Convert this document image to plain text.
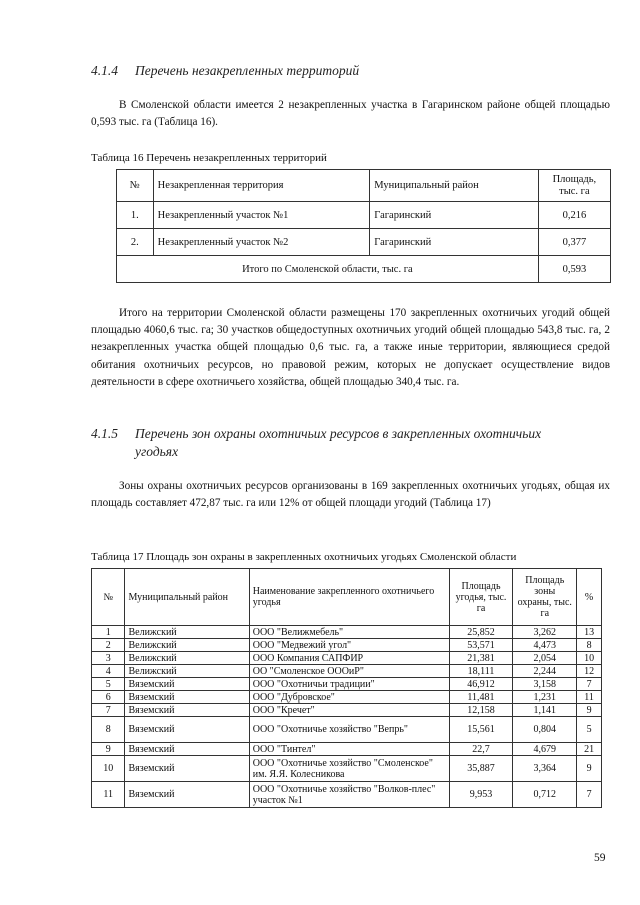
4.1.4 Перечень незакрепленных территорий
В Смоленской области имеется 2 незакрепленных участка в Гагаринском районе общей площадью 0,593 тыс. га (Таблица 16).
Таблица 16 Перечень незакрепленных территорий
№	Незакрепленная территория	Муниципальный район	Площадь, тыс. га
1.	Незакрепленный участок №1	Гагаринский	0,216
2.	Незакрепленный участок №2	Гагаринский	0,377
Итого по Смоленской области, тыс. га			0,593
Итого на территории Смоленской области размещены 170 закрепленных охотничьих угодий общей площадью 4060,6 тыс. га; 30 участков общедоступных охотничьих угодий общей площадью 543,8 тыс. га, 2 незакрепленных участка общей площадью 0,6 тыс. га, а также иные территории, являющиеся средой обитания охотничьих ресурсов, но правовой режим, которых не допускает осуществление видов деятельности в сфере охотничьего хозяйства, общей площадью 340,4 тыс. га.
4.1.5 Перечень зон охраны охотничьих ресурсов в закрепленных охотничьих
угодьях
Зоны охраны охотничьих ресурсов организованы в 169 закрепленных охотничьих угодьях, общая их площадь составляет 472,87 тыс. га или 12% от общей площади угодий (Таблица 17)
Таблица 17 Площадь зон охраны в закрепленных охотничьих угодьях Смоленской области
№	Муниципальный район	Наименование закрепленного охотничьего угодья	Площадь угодья, тыс. га	Площадь зоны охраны, тыс. га	%
1	Велижский	ООО "Велижмебель"	25,852	3,262	13
2	Велижский	ООО "Медвежий угол"	53,571	4,473	8
3	Велижский	ООО Компания САПФИР	21,381	2,054	10
4	Велижский	ОО "Смоленское ОООиР"	18,111	2,244	12
5	Вяземский	ООО "Охотничьи традиции"	46,912	3,158	7
6	Вяземский	ООО "Дубровское"	11,481	1,231	11
7	Вяземский	ООО "Кречет"	12,158	1,141	9
8	Вяземский	ООО "Охотничье хозяйство "Вепрь"	15,561	0,804	5
9	Вяземский	ООО "Тинтел"	22,7	4,679	21
10	Вяземский	ООО "Охотничье хозяйство "Смоленское" им. Я.Я. Колесникова	35,887	3,364	9
11	Вяземский	ООО "Охотничье хозяйство "Волков-плес" участок №1	9,953	0,712	7
59
